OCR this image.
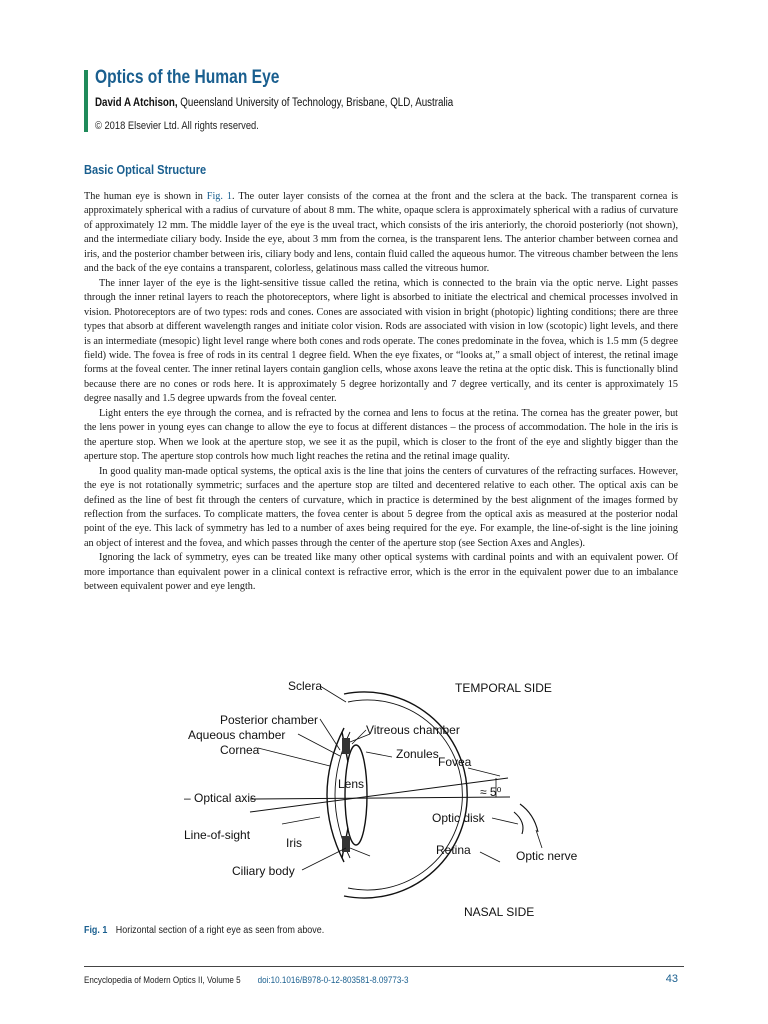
Optics of the Human Eye
David A Atchison, Queensland University of Technology, Brisbane, QLD, Australia
© 2018 Elsevier Ltd. All rights reserved.
Basic Optical Structure

The human eye is shown in Fig. 1. The outer layer consists of the cornea at the front and the sclera at the back. The transparent cornea is approximately spherical with a radius of curvature of about 8 mm. The white, opaque sclera is approximately spherical with a radius of curvature of approximately 12 mm. The middle layer of the eye is the uveal tract, which consists of the iris anteriorly, the choroid posteriorly (not shown), and the intermediate ciliary body. Inside the eye, about 3 mm from the cornea, is the transparent lens. The anterior chamber between cornea and iris, and the posterior chamber between iris, ciliary body and lens, contain fluid called the aqueous humor. The vitreous chamber between the lens and the back of the eye contains a transparent, colorless, gelatinous mass called the vitreous humor.

The inner layer of the eye is the light-sensitive tissue called the retina, which is connected to the brain via the optic nerve. Light passes through the inner retinal layers to reach the photoreceptors, where light is absorbed to initiate the electrical and chemical processes involved in vision. Photoreceptors are of two types: rods and cones. Cones are associated with vision in bright (photopic) lighting conditions; there are three types that absorb at different wavelength ranges and initiate color vision. Rods are associated with vision in low (scotopic) light levels, and there is an intermediate (mesopic) light level range where both cones and rods operate. The cones predominate in the fovea, which is 1.5 mm (5 degree field) wide. The fovea is free of rods in its central 1 degree field. When the eye fixates, or “looks at,” a small object of interest, the retinal image forms at the foveal center. The inner retinal layers contain ganglion cells, whose axons leave the retina at the optic disk. This is functionally blind because there are no cones or rods here. It is approximately 5 degree horizontally and 7 degree vertically, and its center is approximately 15 degree nasally and 1.5 degree upwards from the foveal center.

Light enters the eye through the cornea, and is refracted by the cornea and lens to focus at the retina. The cornea has the greater power, but the lens power in young eyes can change to allow the eye to focus at different distances – the process of accommodation. The hole in the iris is the aperture stop. When we look at the aperture stop, we see it as the pupil, which is closer to the front of the eye and slightly bigger than the aperture stop. The aperture stop controls how much light reaches the retina and the retinal image quality.

In good quality man-made optical systems, the optical axis is the line that joins the centers of curvatures of the refracting surfaces. However, the eye is not rotationally symmetric; surfaces and the aperture stop are tilted and decentered relative to each other. The optical axis can be defined as the line of best fit through the centers of curvature, which in practice is determined by the best alignment of the images formed by reflection from the surfaces. To complicate matters, the fovea center is about 5 degree from the optical axis as measured at the posterior nodal point of the eye. This lack of symmetry has led to a number of axes being required for the eye. For example, the line-of-sight is the line joining an object of interest and the fovea, and which passes through the center of the aperture stop (see Section Axes and Angles).

Ignoring the lack of symmetry, eyes can be treated like many other optical systems with cardinal points and with an equivalent power. Of more importance than equivalent power in a clinical context is refractive error, which is the error in the equivalent power due to an imbalance between equivalent power and eye length.

Sclera	TEMPORAL SIDE
Posterior chamber
Aqueous chamber
Cornea
Vitreous chamber
Zonules
Fovea
Lens
– Optical axis	≈ 5⁰
Optic disk
Line-of-sight
Iris	Retina	Optic nerve
Ciliary body
NASAL SIDE
Fig. 1 Horizontal section of a right eye as seen from above.
Encyclopedia of Modern Optics II, Volume 5 doi:10.1016/B978-0-12-803581-8.09773-3	43
